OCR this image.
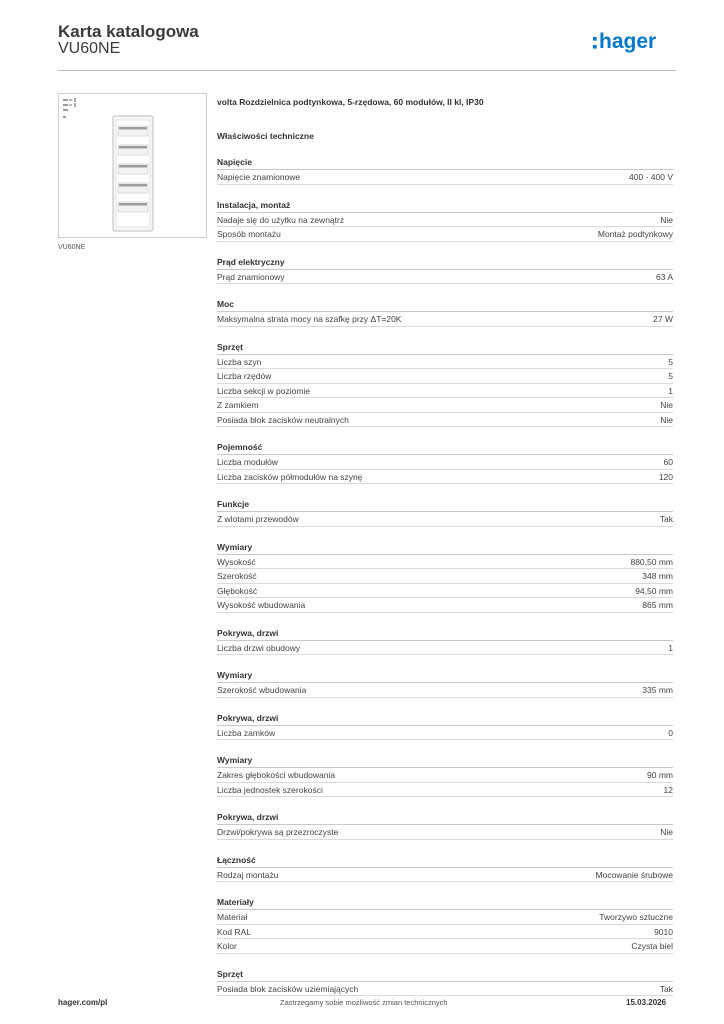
Karta katalogowa
VU60NE	hager
VU60NE
volta Rozdzielnica podtynkowa, 5-rzędowa, 60 modułów, II kl, IP30
Właściwości techniczne
Napięcie
Napięcie znamionowe	400 - 400 V
Instalacja, montaż
Nadaje się do użytku na zewnątrz	Nie
Sposób montażu	Montaż podtynkowy
Prąd elektryczny
Prąd znamionowy	63 A
Moc
Maksymalna strata mocy na szafkę przy ΔT=20K	27 W
Sprzęt
Liczba szyn	5
Liczba rzędów	5
Liczba sekcji w poziomie	1
Z zamkiem	Nie
Posiada blok zacisków neutralnych	Nie
Pojemność
Liczba modułów	60
Liczba zacisków półmodułów na szynę	120
Funkcje
Z wlotami przewodów	Tak
Wymiary
Wysokość	880,50 mm
Szerokość	348 mm
Głębokość	94,50 mm
Wysokość wbudowania	865 mm
Pokrywa, drzwi
Liczba drzwi obudowy	1
Wymiary
Szerokość wbudowania	335 mm
Pokrywa, drzwi
Liczba zamków	0
Wymiary
Zakres głębokości wbudowania	90 mm
Liczba jednostek szerokości	12
Pokrywa, drzwi
Drzwi/pokrywa są przezroczyste	Nie
Łączność
Rodzaj montażu	Mocowanie śrubowe
Materiały
Materiał	Tworzywo sztuczne
Kod RAL	9010
Kolor	Czysta biel
Sprzęt
Posiada blok zacisków uziemiających	Tak
hager.com/pl	Zastrzegamy sobie możliwość zmian technicznych	15.03.2026
